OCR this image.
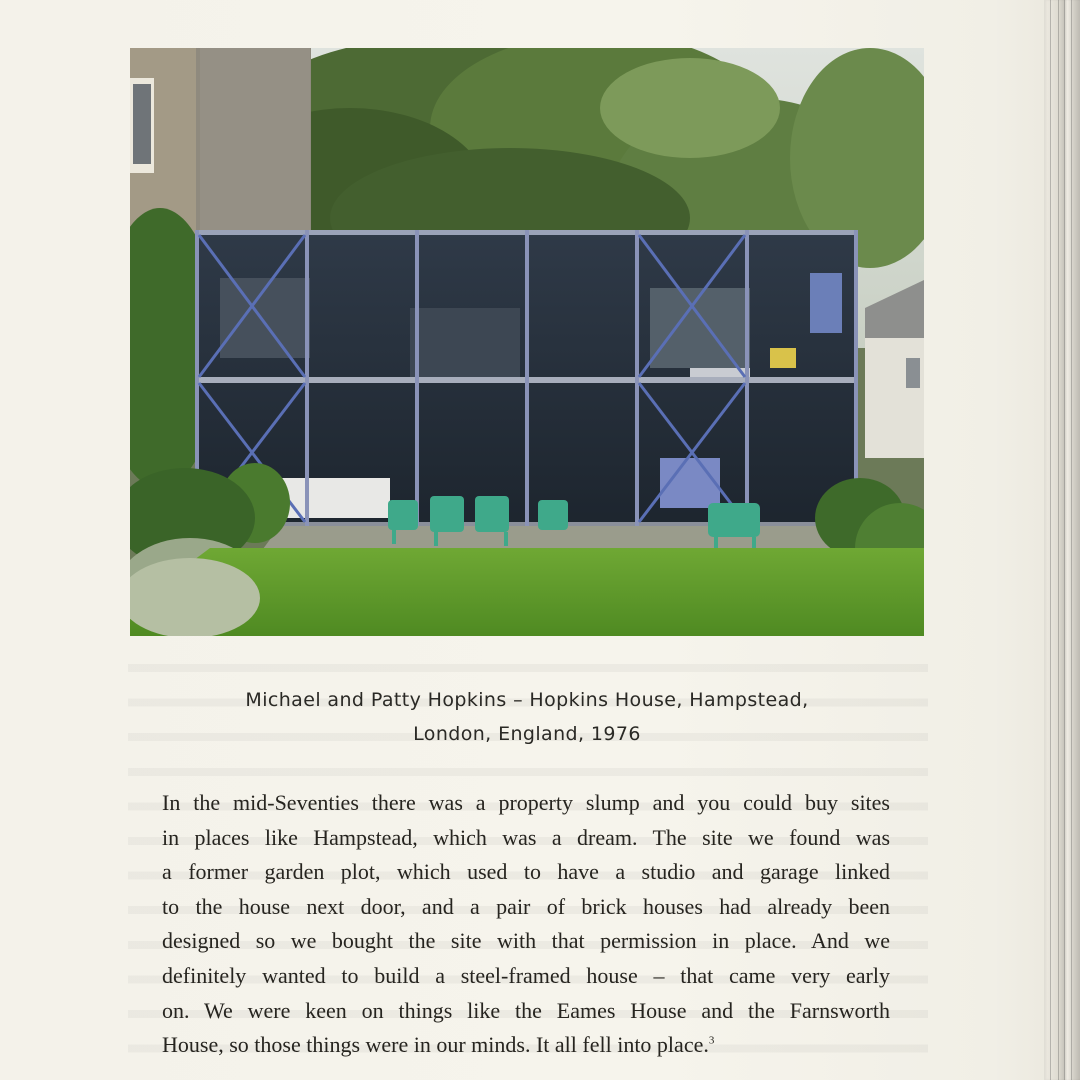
Michael and Patty Hopkins – Hopkins House, Hampstead,
London, England, 1976
In the mid-Seventies there was a property slump and you could buy sites
in places like Hampstead, which was a dream. The site we found was
a former garden plot, which used to have a studio and garage linked
to the house next door, and a pair of brick houses had already been
designed so we bought the site with that permission in place. And we
definitely wanted to build a steel-framed house – that came very early
on. We were keen on things like the Eames House and the Farnsworth
House, so those things were in our minds. It all fell into place.$^3$
